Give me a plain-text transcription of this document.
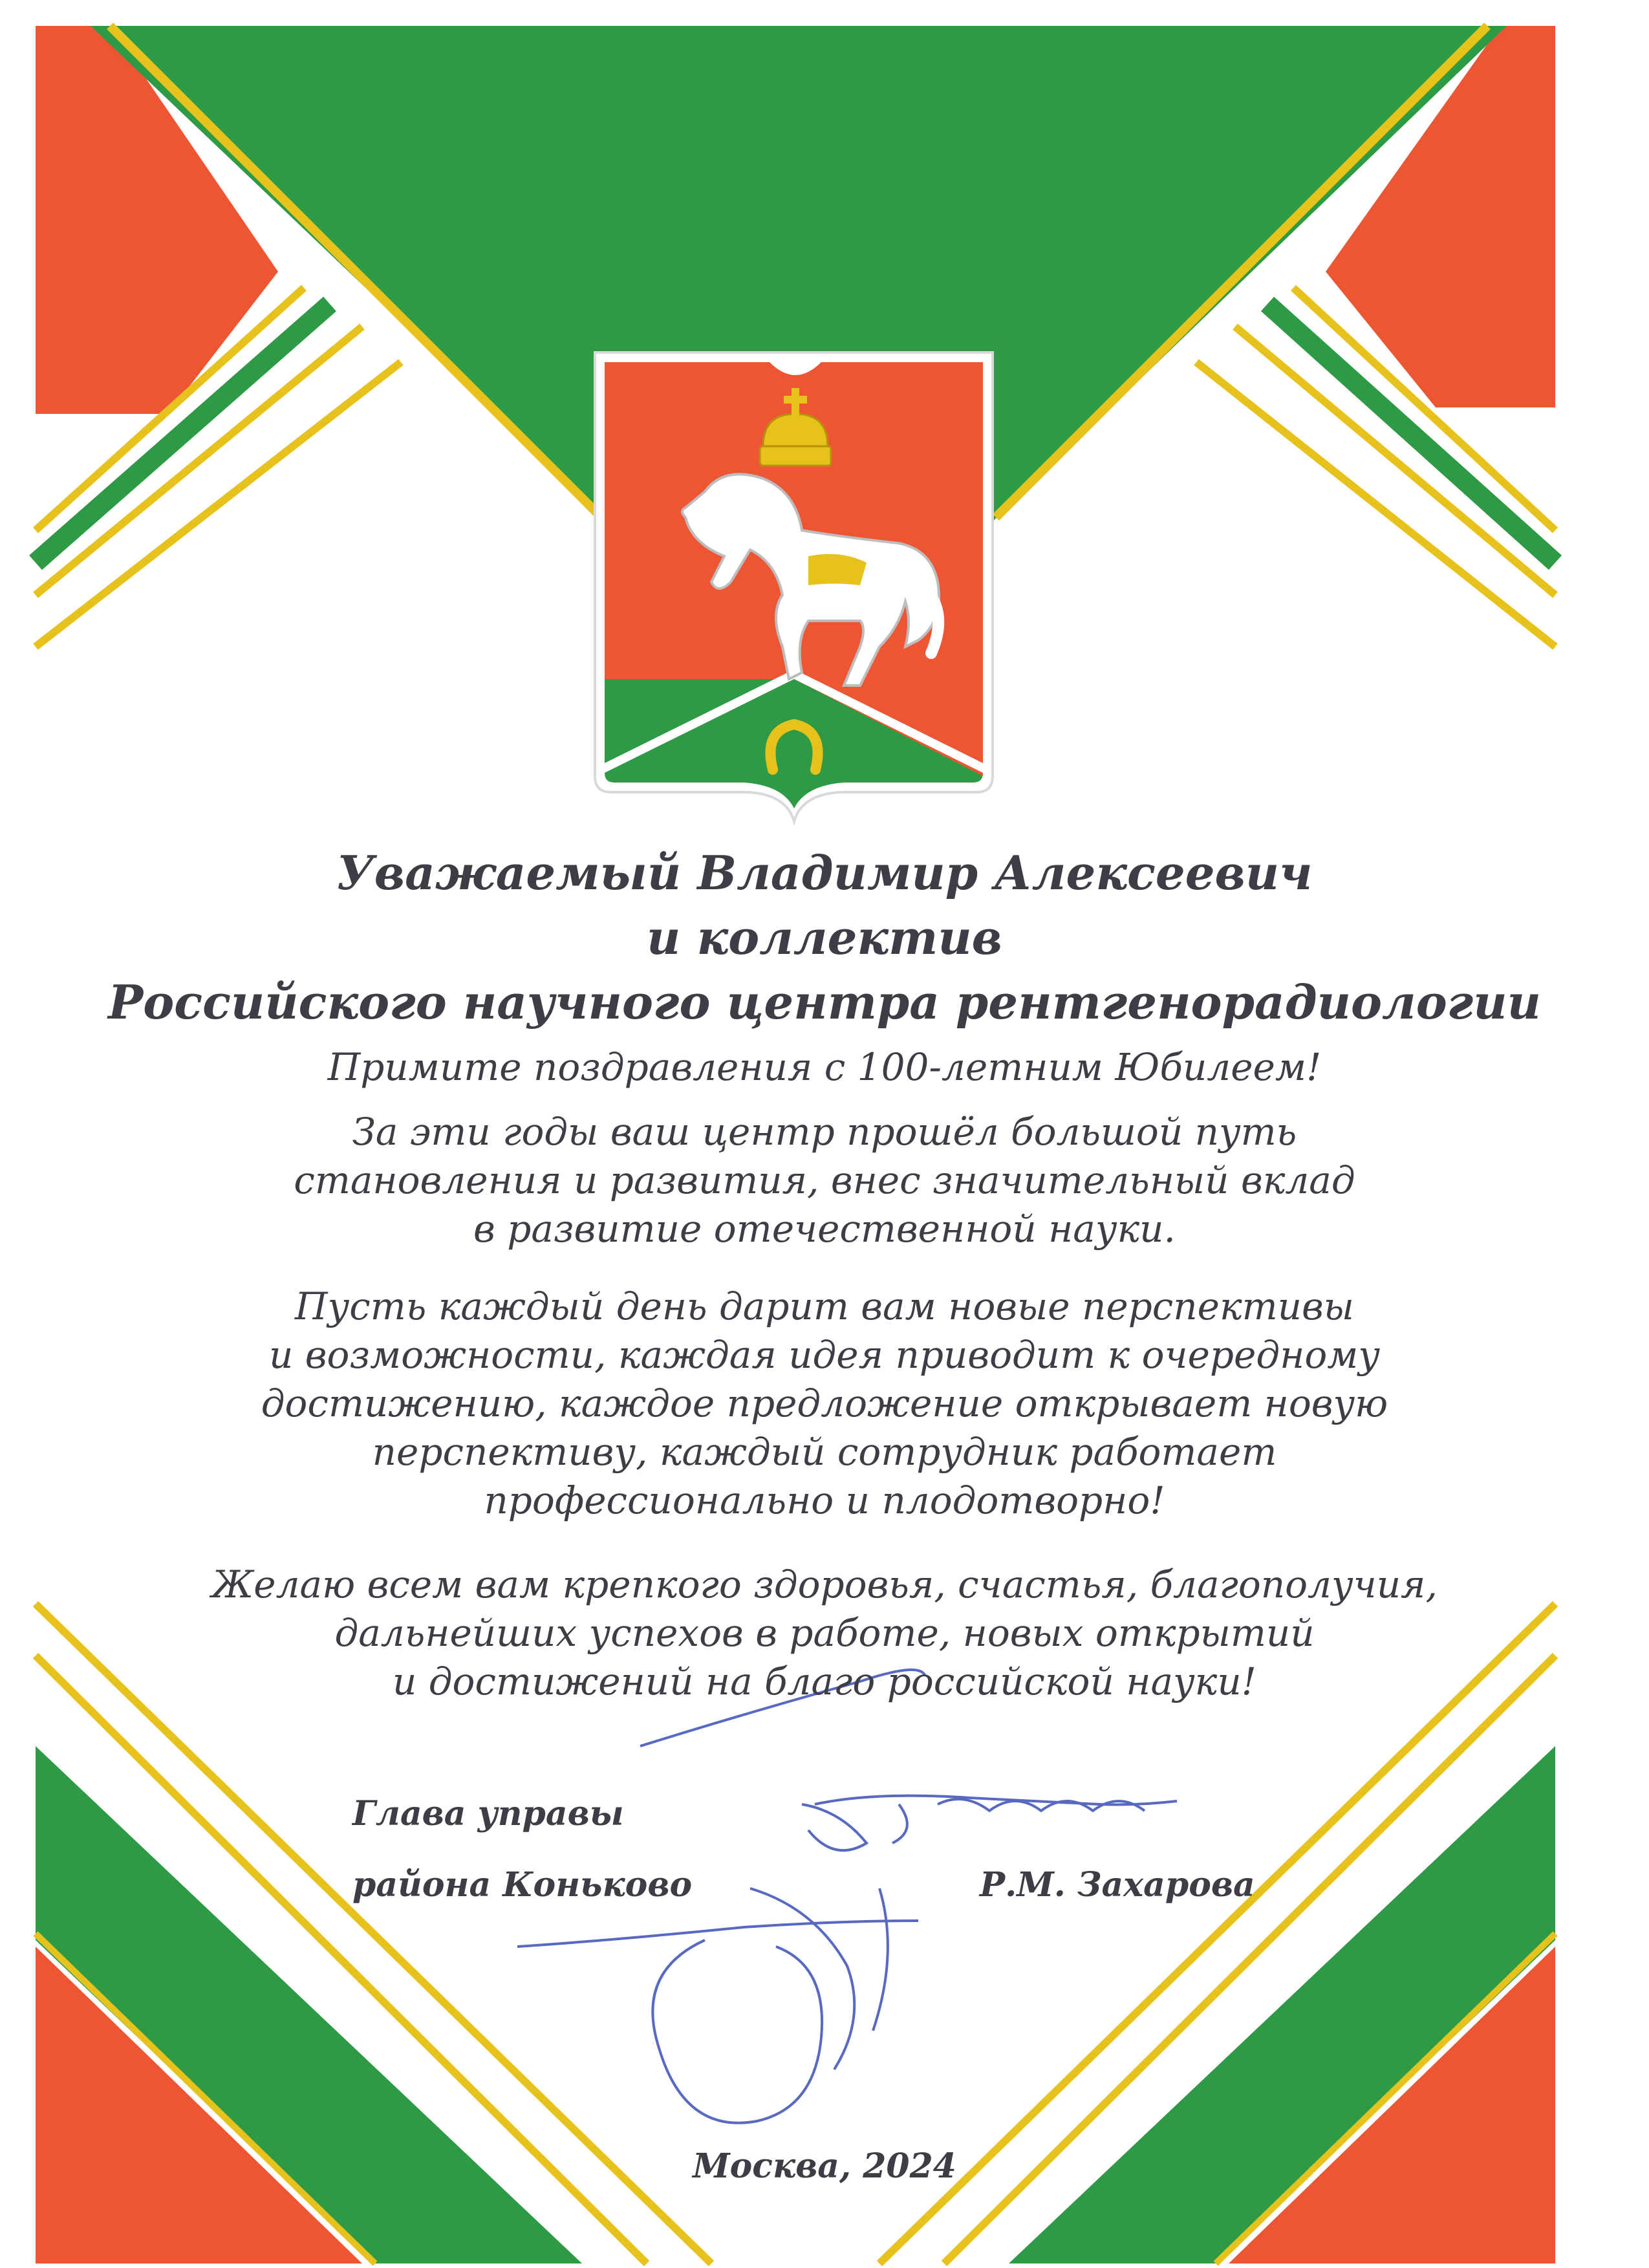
Уважаемый Владимир Алексеевич
и коллектив
Российского научного центра рентгенорадиологии
Примите поздравления с 100-летним Юбилеем!
За эти годы ваш центр прошёл большой путь
становления и развития, внес значительный вклад
в развитие отечественной науки.
Пусть каждый день дарит вам новые перспективы
и возможности, каждая идея приводит к очередному
достижению, каждое предложение открывает новую
перспективу, каждый сотрудник работает
профессионально и плодотворно!
Желаю всем вам крепкого здоровья, счастья, благополучия,
дальнейших успехов в работе, новых открытий
и достижений на благо российской науки!
Глава управы
района Коньково	Р.М. Захарова
Москва, 2024
